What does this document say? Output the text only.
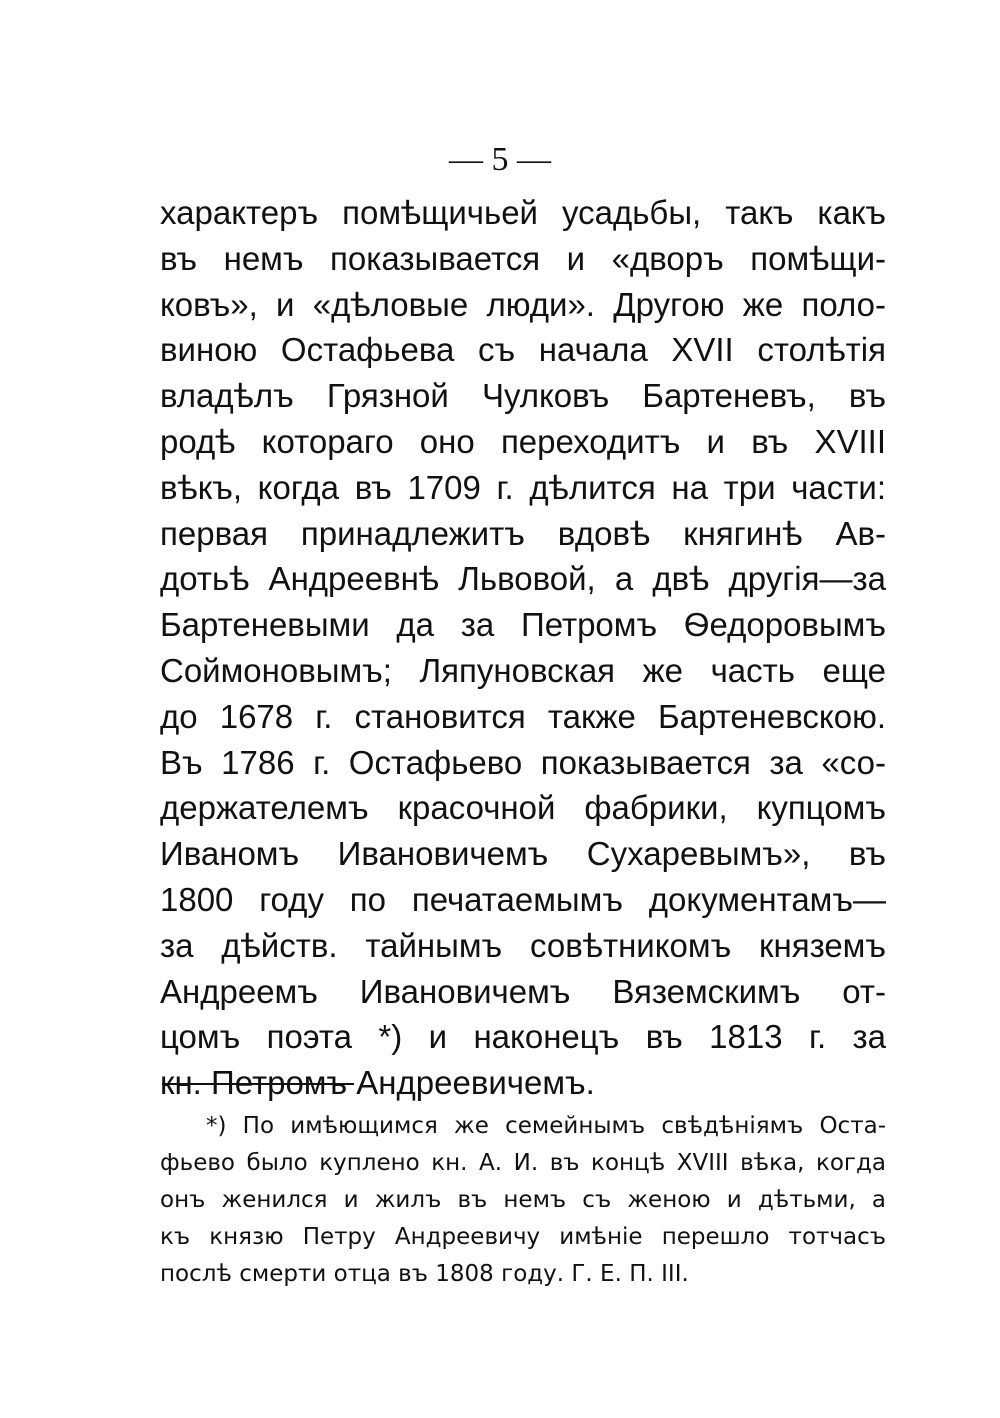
— 5 —
характеръ помѣщичьей усадьбы, такъ какъ
въ немъ показывается и «дворъ помѣщи-
ковъ», и «дѣловые люди». Другою же поло-
виною Остафьева съ начала XVII столѣтія
владѣлъ Грязной Чулковъ Бартеневъ, въ
родѣ котораго оно переходитъ и въ XVIII
вѣкъ, когда въ 1709 г. дѣлится на три части:
первая принадлежитъ вдовѣ княгинѣ Ав-
дотьѣ Андреевнѣ Львовой, а двѣ другія—за
Бартеневыми да за Петромъ Ѳедоровымъ
Соймоновымъ; Ляпуновская же часть еще
до 1678 г. становится также Бартеневскою.
Въ 1786 г. Остафьево показывается за «со-
держателемъ красочной фабрики, купцомъ
Иваномъ Ивановичемъ Сухаревымъ», въ
1800 году по печатаемымъ документамъ—
за дѣйств. тайнымъ совѣтникомъ княземъ
Андреемъ Ивановичемъ Вяземскимъ от-
цомъ поэта *) и наконецъ въ 1813 г. за
кн. Петромъ Андреевичемъ.
*) По имѣющимся же семейнымъ свѣдѣніямъ Оста-
фьево было куплено кн. А. И. въ концѣ XVIII вѣка, когда
онъ женился и жилъ въ немъ съ женою и дѣтьми, а
къ князю Петру Андреевичу имѣніе перешло тотчасъ
послѣ смерти отца въ 1808 году. Г. Е. П. III.
